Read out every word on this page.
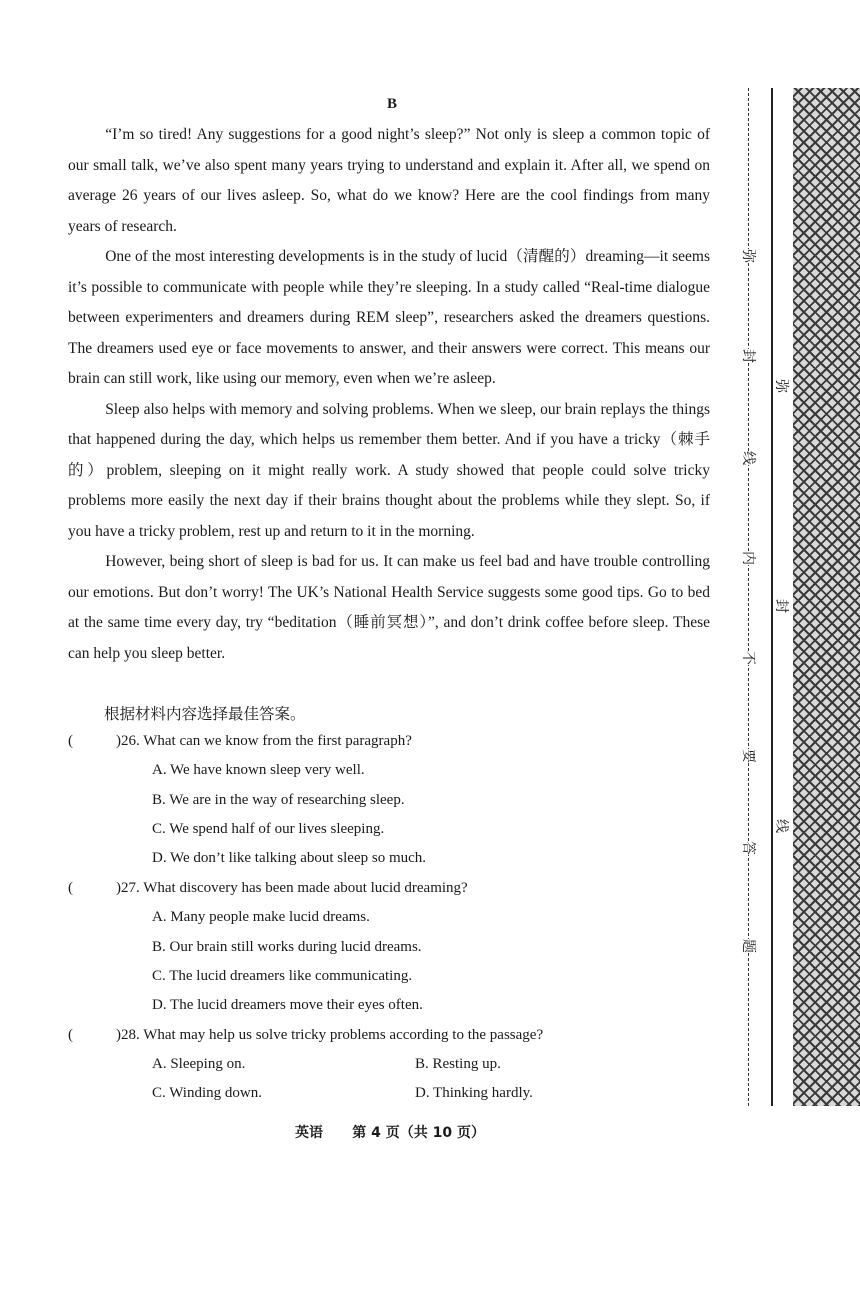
B

“I’m so tired! Any suggestions for a good night’s sleep?” Not only is sleep a common topic of our small talk, we’ve also spent many years trying to understand and explain it. After all, we spend on average 26 years of our lives asleep. So, what do we know? Here are the cool findings from many years of research.

One of the most interesting developments is in the study of lucid（清醒的）dreaming—it seems it’s possible to communicate with people while they’re sleeping. In a study called “Real-time dialogue between experimenters and dreamers during REM sleep”, researchers asked the dreamers questions. The dreamers used eye or face movements to answer, and their answers were correct. This means our brain can still work, like using our memory, even when we’re asleep.

Sleep also helps with memory and solving problems. When we sleep, our brain replays the things that happened during the day, which helps us remember them better. And if you have a tricky（棘手的）problem, sleeping on it might really work. A study showed that people could solve tricky problems more easily the next day if their brains thought about the problems while they slept. So, if you have a tricky problem, rest up and return to it in the morning.

However, being short of sleep is bad for us. It can make us feel bad and have trouble controlling our emotions. But don’t worry! The UK’s National Health Service suggests some good tips. Go to bed at the same time every day, try “beditation（睡前冥想）”, and don’t drink coffee before sleep. These can help you sleep better.

根据材料内容选择最佳答案。
(	)26. What can we know from the first paragraph?
A. We have known sleep very well.
B. We are in the way of researching sleep.
C. We spend half of our lives sleeping.
D. We don’t like talking about sleep so much.
(	)27. What discovery has been made about lucid dreaming?
A. Many people make lucid dreams.
B. Our brain still works during lucid dreams.
C. The lucid dreamers like communicating.
D. The lucid dreamers move their eyes often.
(	)28. What may help us solve tricky problems according to the passage?
A. Sleeping on.	B. Resting up.
C. Winding down.	D. Thinking hardly.
英语 第 4 页（共 10 页）
弥
封
线
内
不
要
答
题
弥
封
线
